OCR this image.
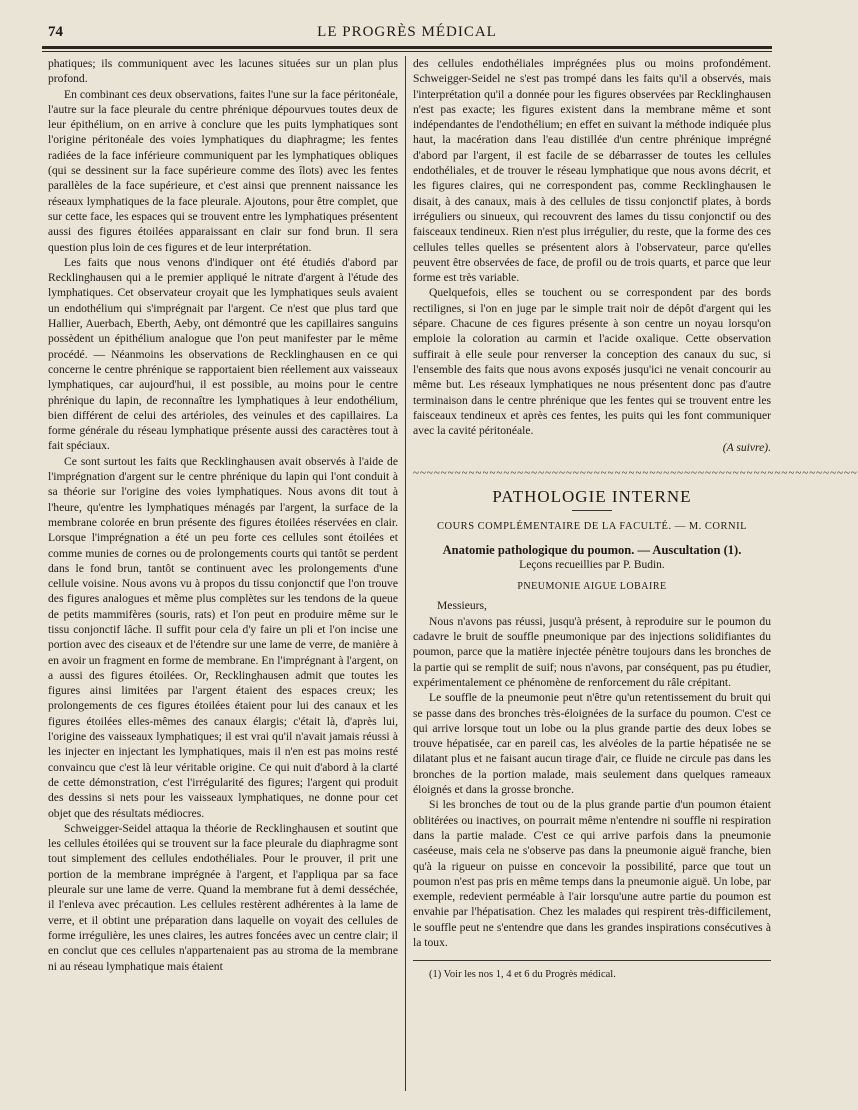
74	LE PROGRÈS MÉDICAL

phatiques; ils communiquent avec les lacunes situées sur un plan plus profond.

En combinant ces deux observations, faites l'une sur la face péritonéale, l'autre sur la face pleurale du centre phrénique dépourvues toutes deux de leur épithélium, on en arrive à conclure que les puits lymphatiques sont l'origine péritonéale des voies lymphatiques du diaphragme; les fentes radiées de la face inférieure communiquent par les lymphatiques obliques (qui se dessinent sur la face supérieure comme des îlots) avec les fentes parallèles de la face supérieure, et c'est ainsi que prennent naissance les réseaux lymphatiques de la face pleurale. Ajoutons, pour être complet, que sur cette face, les espaces qui se trouvent entre les lymphatiques présentent aussi des figures étoilées apparaissant en clair sur fond brun. Il sera question plus loin de ces figures et de leur interprétation.

Les faits que nous venons d'indiquer ont été étudiés d'abord par Recklinghausen qui a le premier appliqué le nitrate d'argent à l'étude des lymphatiques. Cet observateur croyait que les lymphatiques seuls avaient un endothélium qui s'imprégnait par l'argent. Ce n'est que plus tard que Hallier, Auerbach, Eberth, Aeby, ont démontré que les capillaires sanguins possèdent un épithélium analogue que l'on peut manifester par le même procédé. — Néanmoins les observations de Recklinghausen en ce qui concerne le centre phrénique se rapportaient bien réellement aux vaisseaux lymphatiques, car aujourd'hui, il est possible, au moins pour le centre phrénique du lapin, de reconnaître les lymphatiques à leur endothélium, bien différent de celui des artérioles, des veinules et des capillaires. La forme générale du réseau lymphatique présente aussi des caractères tout à fait spéciaux.

Ce sont surtout les faits que Recklinghausen avait observés à l'aide de l'imprégnation d'argent sur le centre phrénique du lapin qui l'ont conduit à sa théorie sur l'origine des voies lymphatiques. Nous avons dit tout à l'heure, qu'entre les lymphatiques ménagés par l'argent, la surface de la membrane colorée en brun présente des figures étoilées réservées en clair. Lorsque l'imprégnation a été un peu forte ces cellules sont étoilées et comme munies de cornes ou de prolongements courts qui tantôt se perdent dans le fond brun, tantôt se continuent avec les prolongements d'une cellule voisine. Nous avons vu à propos du tissu conjonctif que l'on trouve des figures analogues et même plus complètes sur les tendons de la queue de petits mammifères (souris, rats) et l'on peut en produire même sur le tissu conjonctif lâche. Il suffit pour cela d'y faire un pli et l'on incise une portion avec des ciseaux et de l'étendre sur une lame de verre, de manière à en avoir un fragment en forme de membrane. En l'imprégnant à l'argent, on a aussi des figures étoilées. Or, Recklinghausen admit que toutes les figures ainsi limitées par l'argent étaient des espaces creux; les prolongements de ces figures étoilées étaient pour lui des canaux et les figures étoilées elles-mêmes des canaux élargis; c'était là, d'après lui, l'origine des vaisseaux lymphatiques; il est vrai qu'il n'avait jamais réussi à les injecter en injectant les lymphatiques, mais il n'en est pas moins resté convaincu que c'est là leur véritable origine. Ce qui nuit d'abord à la clarté de cette démonstration, c'est l'irrégularité des figures; l'argent qui produit des dessins si nets pour les vaisseaux lymphatiques, ne donne pour cet objet que des résultats médiocres.

Schweigger-Seidel attaqua la théorie de Recklinghausen et soutint que les cellules étoilées qui se trouvent sur la face pleurale du diaphragme sont tout simplement des cellules endothéliales. Pour le prouver, il prit une portion de la membrane imprégnée à l'argent, et l'appliqua par sa face pleurale sur une lame de verre. Quand la membrane fut à demi desséchée, il l'enleva avec précaution. Les cellules restèrent adhérentes à la lame de verre, et il obtint une préparation dans laquelle on voyait des cellules de forme irrégulière, les unes claires, les autres foncées avec un centre clair; il en conclut que ces cellules n'appartenaient pas au stroma de la membrane ni au réseau lymphatique mais étaient

des cellules endothéliales imprégnées plus ou moins profondément. Schweigger-Seidel ne s'est pas trompé dans les faits qu'il a observés, mais l'interprétation qu'il a donnée pour les figures observées par Recklinghausen n'est pas exacte; les figures existent dans la membrane même et sont indépendantes de l'endothélium; en effet en suivant la méthode indiquée plus haut, la macération dans l'eau distillée d'un centre phrénique imprégné d'abord par l'argent, il est facile de se débarrasser de toutes les cellules endothéliales, et de trouver le réseau lymphatique que nous avons décrit, et les figures claires, qui ne correspondent pas, comme Recklinghausen le disait, à des canaux, mais à des cellules de tissu conjonctif plates, à bords irréguliers ou sinueux, qui recouvrent des lames du tissu conjonctif ou des faisceaux tendineux. Rien n'est plus irrégulier, du reste, que la forme des ces cellules telles quelles se présentent alors à l'observateur, parce qu'elles peuvent être observées de face, de profil ou de trois quarts, et parce que leur forme est très variable.

Quelquefois, elles se touchent ou se correspondent par des bords rectilignes, si l'on en juge par le simple trait noir de dépôt d'argent qui les sépare. Chacune de ces figures présente à son centre un noyau lorsqu'on emploie la coloration au carmin et l'acide oxalique. Cette observation suffirait à elle seule pour renverser la conception des canaux du suc, si l'ensemble des faits que nous avons exposés jusqu'ici ne venait concourir au même but. Les réseaux lymphatiques ne nous présentent donc pas d'autre terminaison dans le centre phrénique que les fentes qui se trouvent entre les faisceaux tendineux et après ces fentes, les puits qui les font communiquer avec la cavité péritonéale.

(A suivre).
~~~~~~~~~~~~~~~~~~~~~~~~~~~~~~~~~~~~~~~~~~~~~~~~~~~~~~~~~~~~~~~~
PATHOLOGIE INTERNE
COURS COMPLÉMENTAIRE DE LA FACULTÉ. — M. CORNIL
Anatomie pathologique du poumon. — Auscultation (1).
Leçons recueillies par P. Budin.
PNEUMONIE AIGUE LOBAIRE

Messieurs,

Nous n'avons pas réussi, jusqu'à présent, à reproduire sur le poumon du cadavre le bruit de souffle pneumonique par des injections solidifiantes du poumon, parce que la matière injectée pénètre toujours dans les bronches de la partie qui se remplit de suif; nous n'avons, par conséquent, pas pu étudier, expérimentalement ce phénomène de renforcement du râle crépitant.

Le souffle de la pneumonie peut n'être qu'un retentissement du bruit qui se passe dans des bronches très-éloignées de la surface du poumon. C'est ce qui arrive lorsque tout un lobe ou la plus grande partie des deux lobes se trouve hépatisée, car en pareil cas, les alvéoles de la partie hépatisée ne se dilatant plus et ne faisant aucun tirage d'air, ce fluide ne circule pas dans les bronches de la portion malade, mais seulement dans quelques rameaux éloignés et dans la grosse bronche.

Si les bronches de tout ou de la plus grande partie d'un poumon étaient oblitérées ou inactives, on pourrait même n'entendre ni souffle ni respiration dans la partie malade. C'est ce qui arrive parfois dans la pneumonie caséeuse, mais cela ne s'observe pas dans la pneumonie aiguë franche, bien qu'à la rigueur on puisse en concevoir la possibilité, parce que tout un poumon n'est pas pris en même temps dans la pneumonie aiguë. Un lobe, par exemple, redevient perméable à l'air lorsqu'une autre partie du poumon est envahie par l'hépatisation. Chez les malades qui respirent très-difficilement, le souffle peut ne s'entendre que dans les grandes inspirations consécutives à la toux.

(1) Voir les nos 1, 4 et 6 du Progrès médical.
